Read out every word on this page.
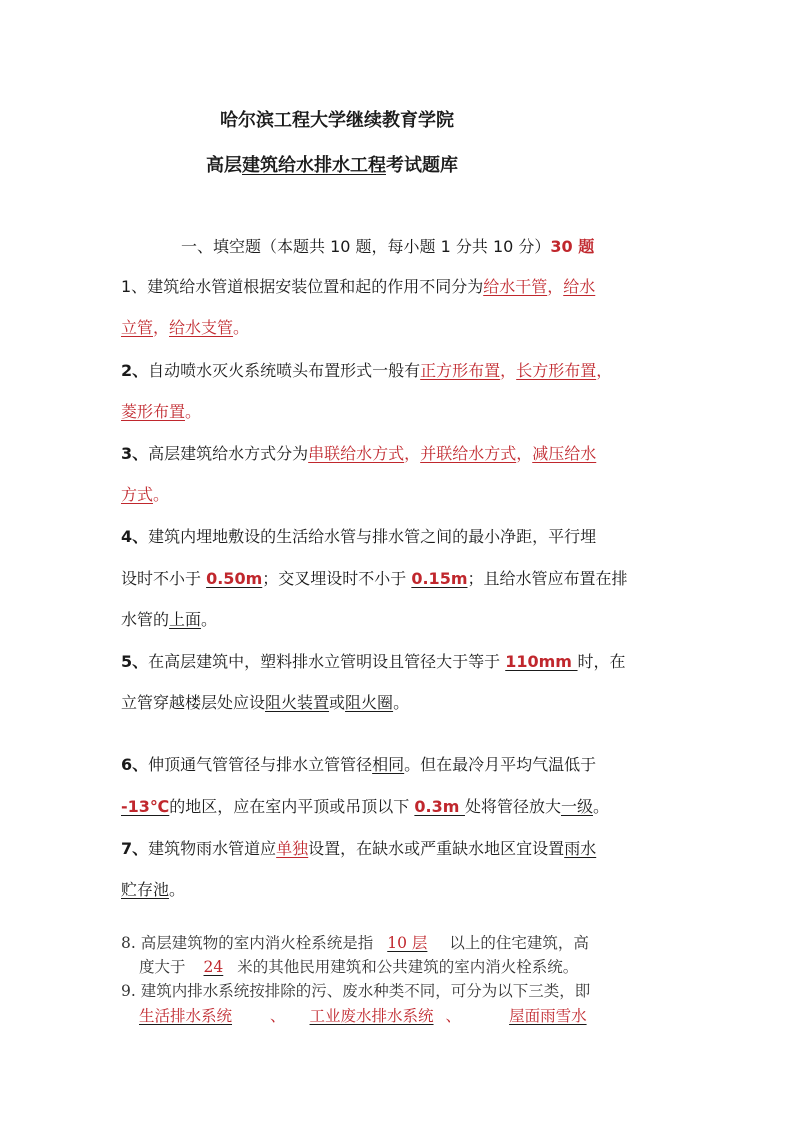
哈尔滨工程大学继续教育学院
高层建筑给水排水工程考试题库
一、填空题（本题共 10 题，每小题 1 分共 10 分）30 题
1、建筑给水管道根据安装位置和起的作用不同分为给水干管，给水
立管，给水支管。
2、自动喷水灭火系统喷头布置形式一般有正方形布置，长方形布置，
菱形布置。
3、高层建筑给水方式分为串联给水方式，并联给水方式，减压给水
方式。
4、建筑内埋地敷设的生活给水管与排水管之间的最小净距，平行埋
设时不小于 0.50m；交叉埋设时不小于 0.15m；且给水管应布置在排
水管的上面。
5、在高层建筑中，塑料排水立管明设且管径大于等于 110mm 时，在
立管穿越楼层处应设阻火装置或阻火圈。
6、伸顶通气管管径与排水立管管径相同。但在最冷月平均气温低于
-13℃的地区，应在室内平顶或吊顶以下 0.3m 处将管径放大一级。
7、建筑物雨水管道应单独设置，在缺水或严重缺水地区宜设置雨水
贮存池。
8. 高层建筑物的室内消火栓系统是指 10 层 以上的住宅建筑，高
度大于 24 米的其他民用建筑和公共建筑的室内消火栓系统。
9. 建筑内排水系统按排除的污、废水种类不同，可分为以下三类，即
生活排水系统 、 工业废水排水系统 、	屋面雨雪水
